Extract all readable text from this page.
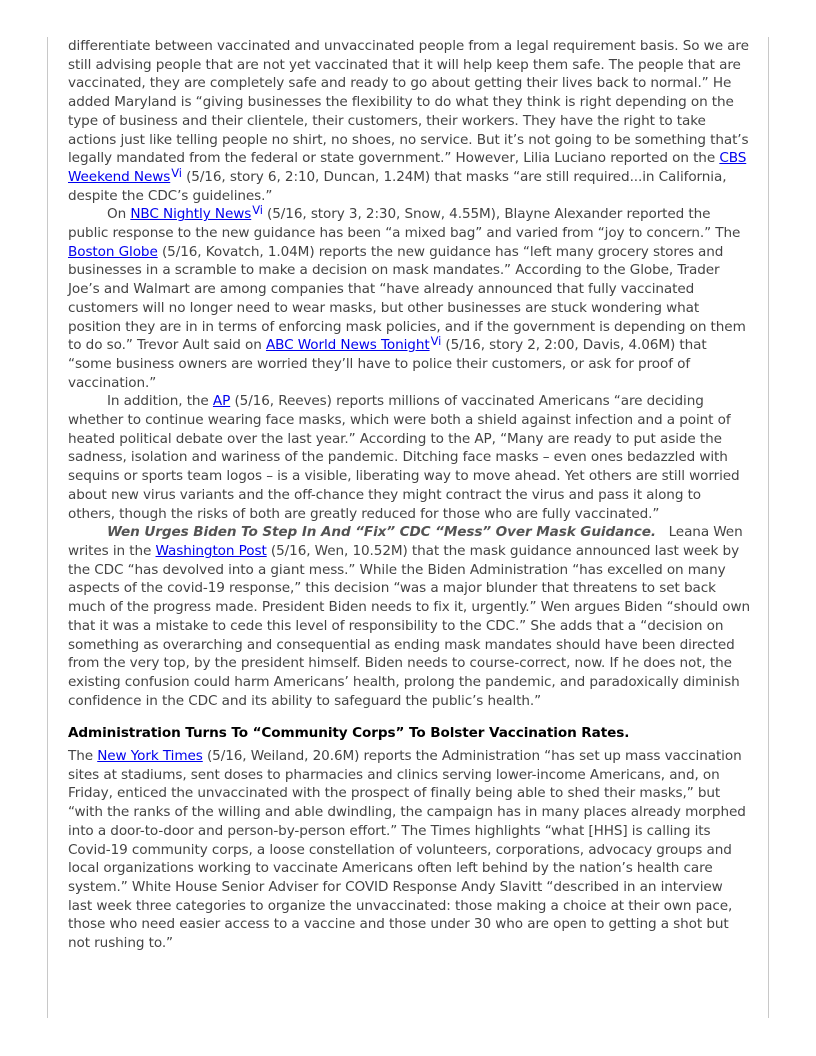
differentiate between vaccinated and unvaccinated people from a legal requirement basis. So we are still advising people that are not yet vaccinated that it will help keep them safe. The people that are vaccinated, they are completely safe and ready to go about getting their lives back to normal.” He added Maryland is “giving businesses the flexibility to do what they think is right depending on the type of business and their clientele, their customers, their workers. They have the right to take actions just like telling people no shirt, no shoes, no service. But it’s not going to be something that’s legally mandated from the federal or state government.” However, Lilia Luciano reported on the CBS Weekend News$^{Vi}$ (5/16, story 6, 2:10, Duncan, 1.24M) that masks “are still required...in California, despite the CDC’s guidelines.”

On NBC Nightly News$^{Vi}$ (5/16, story 3, 2:30, Snow, 4.55M), Blayne Alexander reported the public response to the new guidance has been “a mixed bag” and varied from “joy to concern.” The Boston Globe (5/16, Kovatch, 1.04M) reports the new guidance has “left many grocery stores and businesses in a scramble to make a decision on mask mandates.” According to the Globe, Trader Joe’s and Walmart are among companies that “have already announced that fully vaccinated customers will no longer need to wear masks, but other businesses are stuck wondering what position they are in in terms of enforcing mask policies, and if the government is depending on them to do so.” Trevor Ault said on ABC World News Tonight$^{Vi}$ (5/16, story 2, 2:00, Davis, 4.06M) that “some business owners are worried they’ll have to police their customers, or ask for proof of vaccination.”

In addition, the AP (5/16, Reeves) reports millions of vaccinated Americans “are deciding whether to continue wearing face masks, which were both a shield against infection and a point of heated political debate over the last year.” According to the AP, “Many are ready to put aside the sadness, isolation and wariness of the pandemic. Ditching face masks – even ones bedazzled with sequins or sports team logos – is a visible, liberating way to move ahead. Yet others are still worried about new virus variants and the off-chance they might contract the virus and pass it along to others, though the risks of both are greatly reduced for those who are fully vaccinated.”

Wen Urges Biden To Step In And “Fix” CDC “Mess” Over Mask Guidance.   Leana Wen writes in the Washington Post (5/16, Wen, 10.52M) that the mask guidance announced last week by the CDC “has devolved into a giant mess.” While the Biden Administration “has excelled on many aspects of the covid-19 response,” this decision “was a major blunder that threatens to set back much of the progress made. President Biden needs to fix it, urgently.” Wen argues Biden “should own that it was a mistake to cede this level of responsibility to the CDC.” She adds that a “decision on something as overarching and consequential as ending mask mandates should have been directed from the very top, by the president himself. Biden needs to course-correct, now. If he does not, the existing confusion could harm Americans’ health, prolong the pandemic, and paradoxically diminish confidence in the CDC and its ability to safeguard the public’s health.”

Administration Turns To “Community Corps” To Bolster Vaccination Rates.

The New York Times (5/16, Weiland, 20.6M) reports the Administration “has set up mass vaccination sites at stadiums, sent doses to pharmacies and clinics serving lower-income Americans, and, on Friday, enticed the unvaccinated with the prospect of finally being able to shed their masks,” but “with the ranks of the willing and able dwindling, the campaign has in many places already morphed into a door-to-door and person-by-person effort.” The Times highlights “what [HHS] is calling its Covid-19 community corps, a loose constellation of volunteers, corporations, advocacy groups and local organizations working to vaccinate Americans often left behind by the nation’s health care system.” White House Senior Adviser for COVID Response Andy Slavitt “described in an interview last week three categories to organize the unvaccinated: those making a choice at their own pace, those who need easier access to a vaccine and those under 30 who are open to getting a shot but not rushing to.”
